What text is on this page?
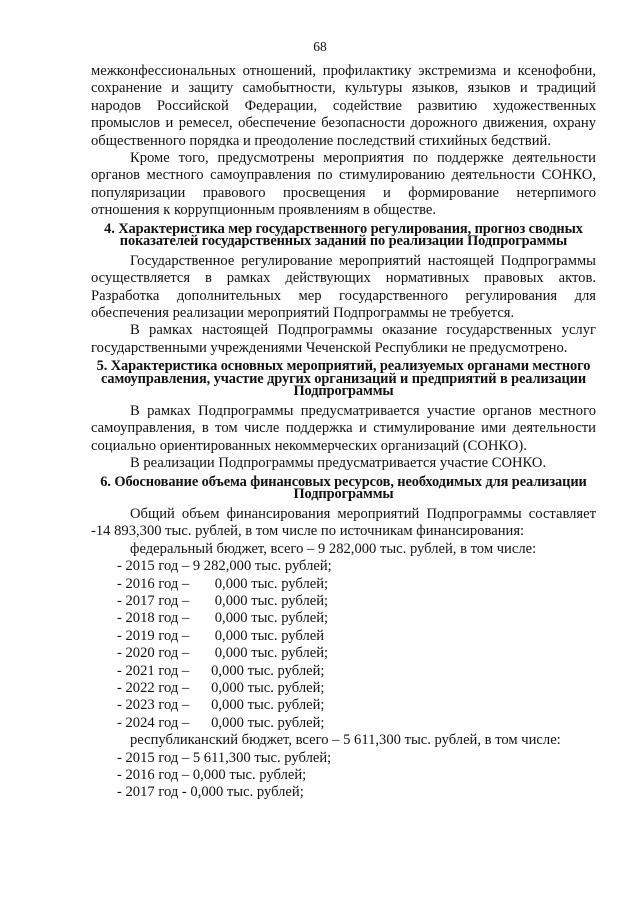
68

межконфессиональных отношений, профилактику экстремизма и ксенофобни, сохранение и защиту самобытности, культуры языков, языков и традиций народов Российской Федерации, содействие развитию художественных промыслов и ремесел, обеспечение безопасности дорожного движения, охрану общественного порядка и преодоление последствий стихийных бедствий.

Кроме того, предусмотрены мероприятия по поддержке деятельности органов местного самоуправления по стимулированию деятельности СОНКО, популяризации правового просвещения и формирование нетерпимого отношения к коррупционным проявлениям в обществе.

4. Характеристика мер государственного регулирования, прогноз сводных показателей государственных заданий по реализации Подпрограммы

Государственное регулирование мероприятий настоящей Подпрограммы осуществляется в рамках действующих нормативных правовых актов. Разработка дополнительных мер государственного регулирования для обеспечения реализации мероприятий Подпрограммы не требуется.

В рамках настоящей Подпрограммы оказание государственных услуг государственными учреждениями Чеченской Республики не предусмотрено.

5. Характеристика основных мероприятий, реализуемых органами местного самоуправления, участие других организаций и предприятий в реализации Подпрограммы

В рамках Подпрограммы предусматривается участие органов местного самоуправления, в том числе поддержка и стимулирование ими деятельности социально ориентированных некоммерческих организаций (СОНКО).

В реализации Подпрограммы предусматривается участие СОНКО.

6. Обоснование объема финансовых ресурсов, необходимых для реализации Подпрограммы

Общий объем финансирования мероприятий Подпрограммы составляет -14 893,300 тыс. рублей, в том числе по источникам финансирования:

федеральный бюджет, всего – 9 282,000 тыс. рублей, в том числе:

- 2015 год – 9 282,000 тыс. рублей;
- 2016 год –       0,000 тыс. рублей;
- 2017 год –       0,000 тыс. рублей;
- 2018 год –       0,000 тыс. рублей;
- 2019 год –       0,000 тыс. рублей
- 2020 год –       0,000 тыс. рублей;
- 2021 год –      0,000 тыс. рублей;
- 2022 год –      0,000 тыс. рублей;
- 2023 год –      0,000 тыс. рублей;
- 2024 год –      0,000 тыс. рублей;

республиканский бюджет, всего – 5 611,300 тыс. рублей, в том числе:

- 2015 год – 5 611,300 тыс. рублей;
- 2016 год – 0,000 тыс. рублей;
- 2017 год - 0,000 тыс. рублей;
